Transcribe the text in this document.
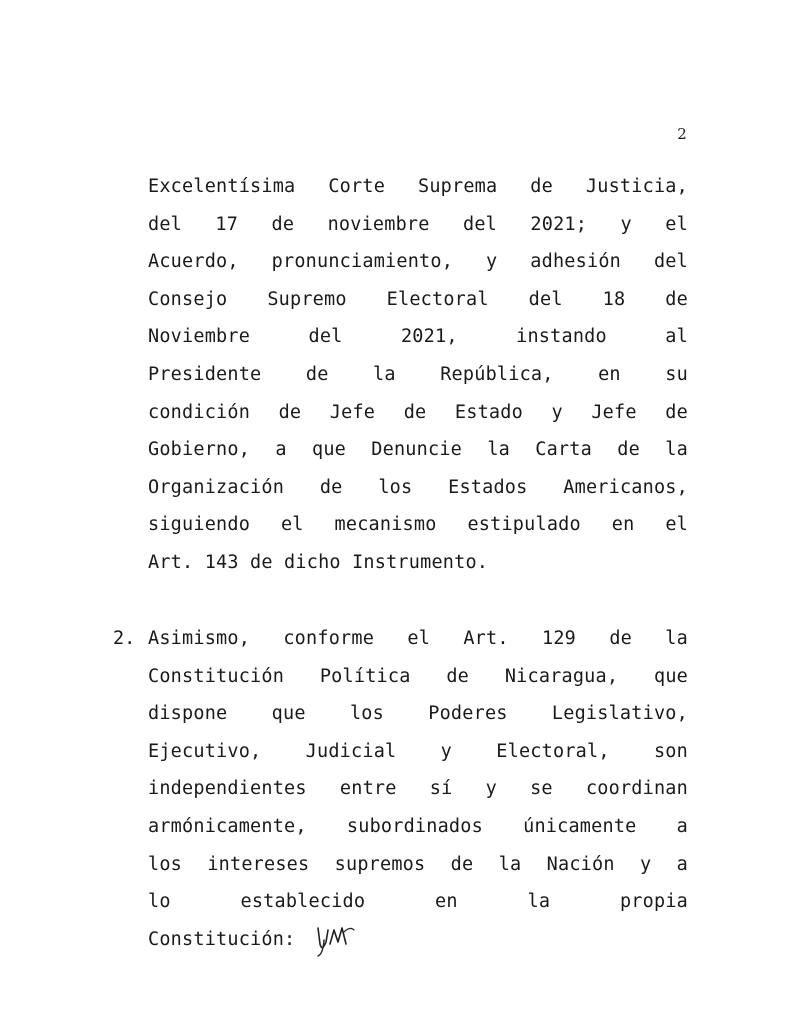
2
Excelentísima Corte Suprema de Justicia,
del 17 de noviembre del 2021; y el
Acuerdo, pronunciamiento, y adhesión del
Consejo Supremo Electoral del 18 de
Noviembre	del	2021,	instando	al
Presidente de la República, en su
condición de Jefe de Estado y Jefe de
Gobierno, a que Denuncie la Carta de la
Organización de los Estados Americanos,
siguiendo el mecanismo estipulado en el
Art. 143 de dicho Instrumento.
2. Asimismo, conforme el Art. 129 de la
Constitución Política de Nicaragua, que
dispone que los Poderes Legislativo,
Ejecutivo, Judicial y Electoral, son
independientes entre sí y se coordinan
armónicamente, subordinados únicamente a
los intereses supremos de la Nación y a
lo	establecido	en	la	propia
Constitución:
